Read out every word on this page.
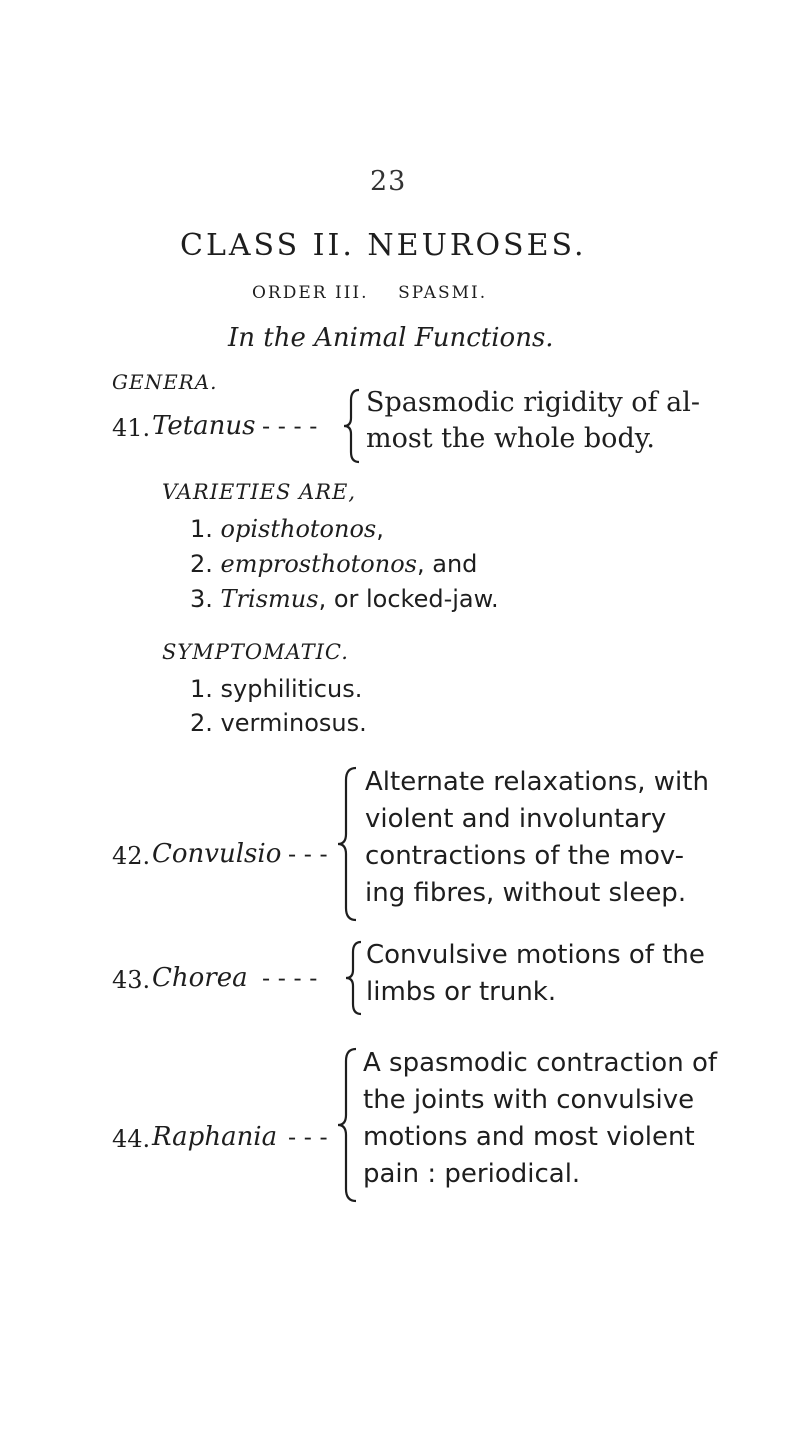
23
CLASS II. NEUROSES.
ORDER III.    SPASMI.
In the Animal Functions.
GENERA.
41. Tetanus - - - -
Spasmodic rigidity of al-
most the whole body.
VARIETIES ARE,
1. opisthotonos,
2. emprosthotonos, and
3. Trismus, or locked-jaw.
SYMPTOMATIC.
1. syphiliticus.
2. verminosus.
42. Convulsio - - -
Alternate relaxations, with
violent and involuntary
contractions of the mov-
ing fibres, without sleep.
43. Chorea - - - -
Convulsive motions of the
limbs or trunk.
44. Raphania - - -
A spasmodic contraction of
the joints with convulsive
motions and most violent
pain : periodical.
